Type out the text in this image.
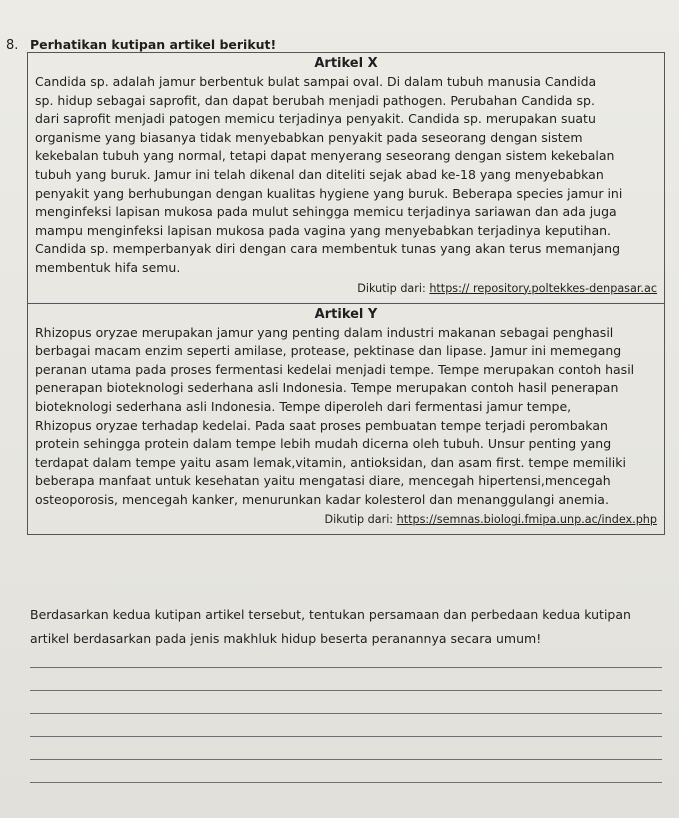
8. Perhatikan kutipan artikel berikut!
Artikel X
Candida sp. adalah jamur berbentuk bulat sampai oval. Di dalam tubuh manusia Candida
sp. hidup sebagai saprofit, dan dapat berubah menjadi pathogen. Perubahan Candida sp.
dari saprofit menjadi patogen memicu terjadinya penyakit. Candida sp. merupakan suatu
organisme yang biasanya tidak menyebabkan penyakit pada seseorang dengan sistem
kekebalan tubuh yang normal, tetapi dapat menyerang seseorang dengan sistem kekebalan
tubuh yang buruk. Jamur ini telah dikenal dan diteliti sejak abad ke-18 yang menyebabkan
penyakit yang berhubungan dengan kualitas hygiene yang buruk. Beberapa species jamur ini
menginfeksi lapisan mukosa pada mulut sehingga memicu terjadinya sariawan dan ada juga
mampu menginfeksi lapisan mukosa pada vagina yang menyebabkan terjadinya keputihan.
Candida sp. memperbanyak diri dengan cara membentuk tunas yang akan terus memanjang
membentuk hifa semu.
Dikutip dari: https:// repository.poltekkes-denpasar.ac
Artikel Y
Rhizopus oryzae merupakan jamur yang penting dalam industri makanan sebagai penghasil
berbagai macam enzim seperti amilase, protease, pektinase dan lipase. Jamur ini memegang
peranan utama pada proses fermentasi kedelai menjadi tempe. Tempe merupakan contoh hasil
penerapan bioteknologi sederhana asli Indonesia. Tempe merupakan contoh hasil penerapan
bioteknologi sederhana asli Indonesia. Tempe diperoleh dari fermentasi jamur tempe,
Rhizopus oryzae terhadap kedelai. Pada saat proses pembuatan tempe terjadi perombakan
protein sehingga protein dalam tempe lebih mudah dicerna oleh tubuh. Unsur penting yang
terdapat dalam tempe yaitu asam lemak,vitamin, antioksidan, dan asam first. tempe memiliki
beberapa manfaat untuk kesehatan yaitu mengatasi diare, mencegah hipertensi,mencegah
osteoporosis, mencegah kanker, menurunkan kadar kolesterol dan menanggulangi anemia.
Dikutip dari: https://semnas.biologi.fmipa.unp.ac/index.php
Berdasarkan kedua kutipan artikel tersebut, tentukan persamaan dan perbedaan kedua kutipan
artikel berdasarkan pada jenis makhluk hidup beserta peranannya secara umum!
